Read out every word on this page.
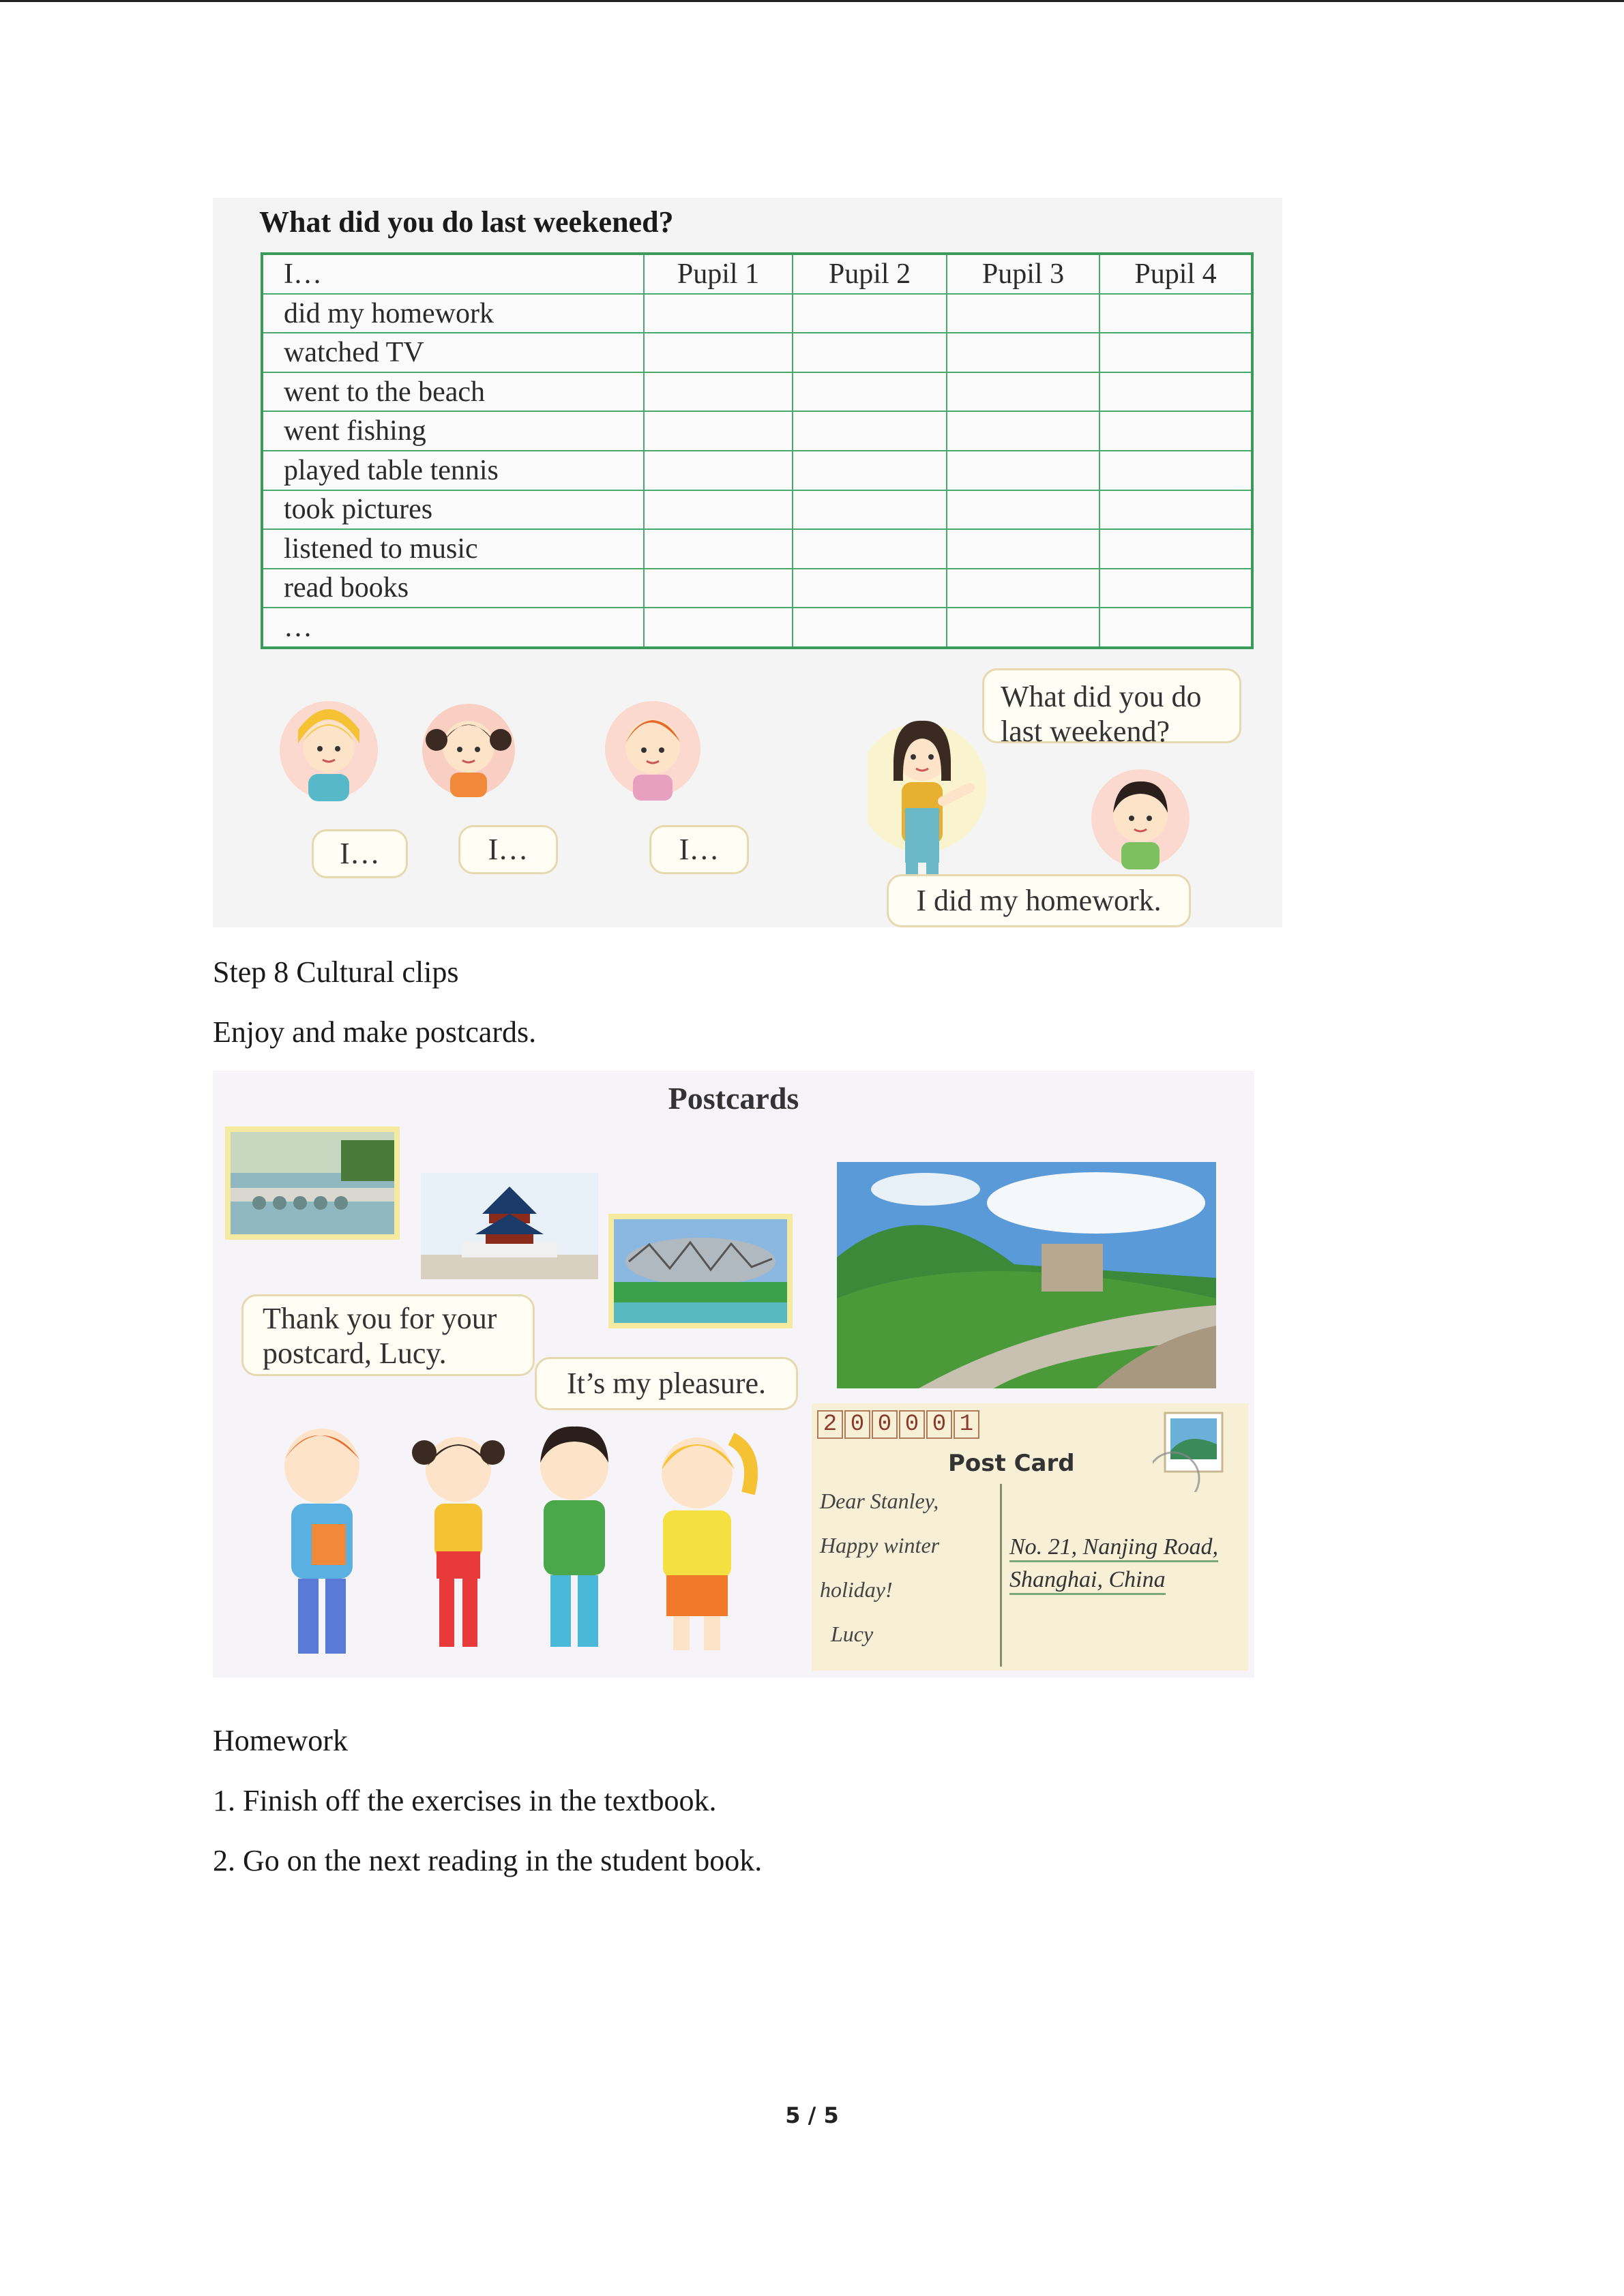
What did you do last weekened?
I…	Pupil 1	Pupil 2	Pupil 3	Pupil 4
did my homework				
watched TV				
went to the beach				
went fishing				
played table tennis				
took pictures				
listened to music				
read books				
…				
I…	I…	I…
What did you do
last weekend?
I did my homework.
Step 8 Cultural clips
Enjoy and make postcards.
Postcards
Thank you for your
postcard, Lucy.
It’s my pleasure.
2 0 0 0 0 1
Post Card
Dear Stanley,
Happy winter
holiday!
Lucy
No. 21, Nanjing Road,
Shanghai, China
Homework
1. Finish off the exercises in the textbook.
2. Go on the next reading in the student book.
5 / 5
